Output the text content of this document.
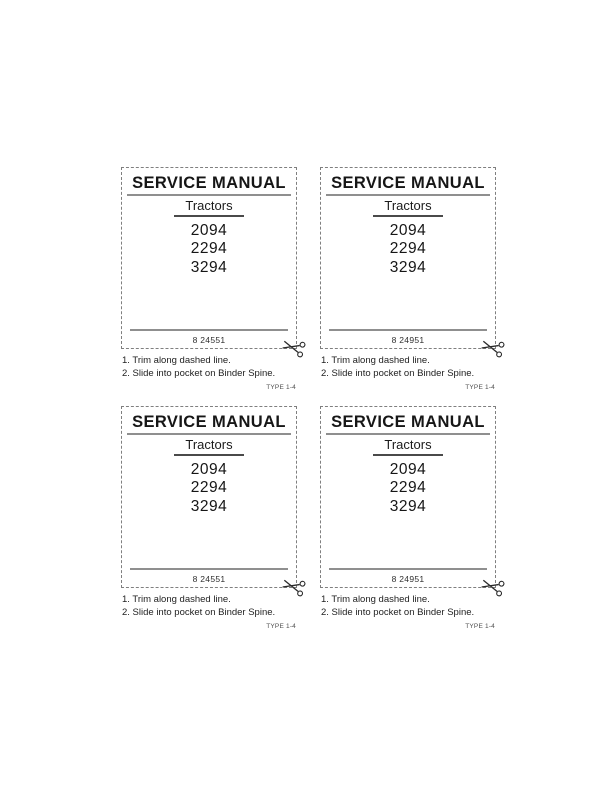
SERVICE MANUAL
Tractors
2094
2294
3294
8 24551
1. Trim along dashed line.
2. Slide into pocket on Binder Spine.
TYPE 1-4
SERVICE MANUAL
Tractors
2094
2294
3294
8 24951
1. Trim along dashed line.
2. Slide into pocket on Binder Spine.
TYPE 1-4
SERVICE MANUAL
Tractors
2094
2294
3294
8 24551
1. Trim along dashed line.
2. Slide into pocket on Binder Spine.
TYPE 1-4
SERVICE MANUAL
Tractors
2094
2294
3294
8 24951
1. Trim along dashed line.
2. Slide into pocket on Binder Spine.
TYPE 1-4
